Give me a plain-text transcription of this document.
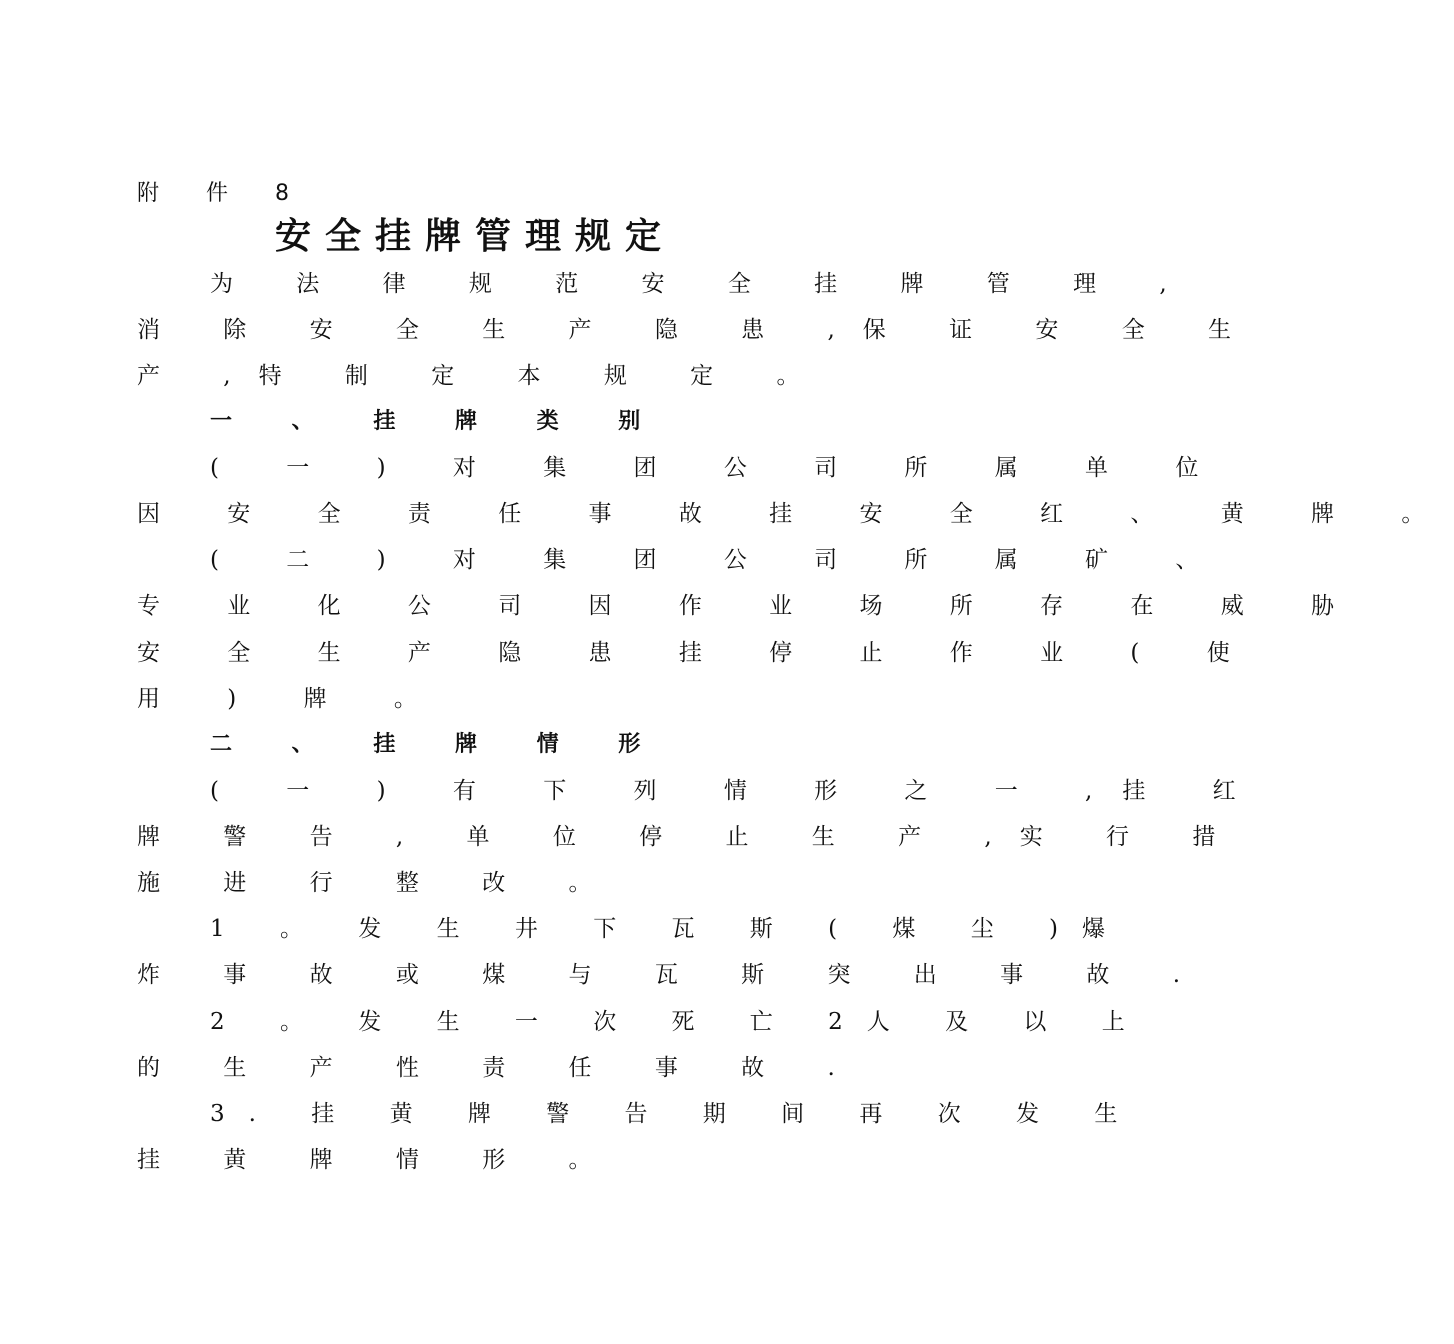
附 件 8
安全挂牌管理规定
为 法 律 规 范 安 全 挂 牌 管 理 ,
消 除 安 全 生 产 隐 患 ,保 证 安 全 生
产 ,特 制 定 本 规 定 。
一 、 挂 牌 类 别
( 一 ) 对 集 团 公 司 所 属 单 位
因 安 全 责 任 事 故 挂 安 全 红 、 黄 牌 。
( 二 ) 对 集 团 公 司 所 属 矿 、
专 业 化 公 司 因 作 业 场 所 存 在 威 胁
安 全 生 产 隐 患 挂 停 止 作 业 ( 使
用 ) 牌 。
二 、 挂 牌 情 形
( 一 ) 有 下 列 情 形 之 一 ,挂 红
牌 警 告 , 单 位 停 止 生 产 ,实 行 措
施 进 行 整 改 。
1 。 发 生 井 下 瓦 斯 ( 煤 尘 )爆
炸 事 故 或 煤 与 瓦 斯 突 出 事 故 .
2 。 发 生 一 次 死 亡 2人 及 以 上
的 生 产 性 责 任 事 故 .
3. 挂 黄 牌 警 告 期 间 再 次 发 生
挂 黄 牌 情 形 。
